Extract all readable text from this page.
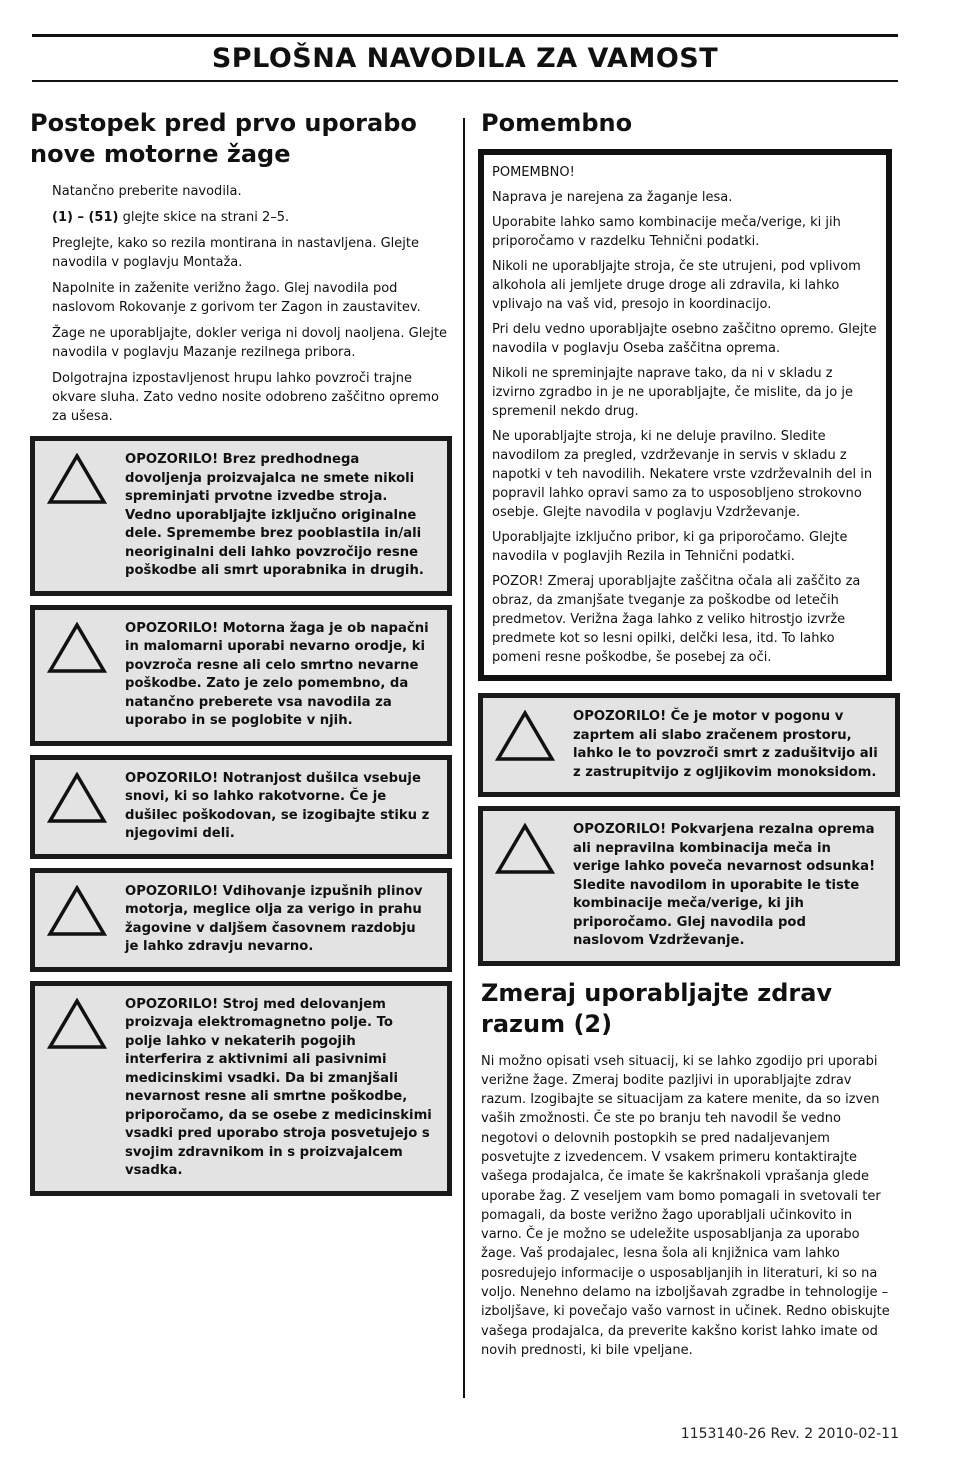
SPLOŠNA NAVODILA ZA VAMOST
Postopek pred prvo uporabo nove motorne žage

Natančno preberite navodila.

(1) – (51) glejte skice na strani 2–5.

Preglejte, kako so rezila montirana in nastavljena. Glejte navodila v poglavju Montaža.

Napolnite in zaženite verižno žago. Glej navodila pod naslovom Rokovanje z gorivom ter Zagon in zaustavitev.

Žage ne uporabljajte, dokler veriga ni dovolj naoljena. Glejte navodila v poglavju Mazanje rezilnega pribora.

Dolgotrajna izpostavljenost hrupu lahko povzroči trajne okvare sluha. Zato vedno nosite odobreno zaščitno opremo za ušesa.

OPOZORILO! Brez predhodnega dovoljenja proizvajalca ne smete nikoli spreminjati prvotne izvedbe stroja. Vedno uporabljajte izključno originalne dele. Spremembe brez pooblastila in/ali neoriginalni deli lahko povzročijo resne poškodbe ali smrt uporabnika in drugih.

OPOZORILO! Motorna žaga je ob napačni in malomarni uporabi nevarno orodje, ki povzroča resne ali celo smrtno nevarne poškodbe. Zato je zelo pomembno, da natančno preberete vsa navodila za uporabo in se poglobite v njih.

OPOZORILO! Notranjost dušilca vsebuje snovi, ki so lahko rakotvorne. Če je dušilec poškodovan, se izogibajte stiku z njegovimi deli.

OPOZORILO! Vdihovanje izpušnih plinov motorja, meglice olja za verigo in prahu žagovine v daljšem časovnem razdobju je lahko zdravju nevarno.

OPOZORILO! Stroj med delovanjem proizvaja elektromagnetno polje. To polje lahko v nekaterih pogojih interferira z aktivnimi ali pasivnimi medicinskimi vsadki. Da bi zmanjšali nevarnost resne ali smrtne poškodbe, priporočamo, da se osebe z medicinskimi vsadki pred uporabo stroja posvetujejo s svojim zdravnikom in s proizvajalcem vsadka.

Pomembno

POMEMBNO!

Naprava je narejena za žaganje lesa.

Uporabite lahko samo kombinacije meča/verige, ki jih priporočamo v razdelku Tehnični podatki.

Nikoli ne uporabljajte stroja, če ste utrujeni, pod vplivom alkohola ali jemljete druge droge ali zdravila, ki lahko vplivajo na vaš vid, presojo in koordinacijo.

Pri delu vedno uporabljajte osebno zaščitno opremo. Glejte navodila v poglavju Oseba zaščitna oprema.

Nikoli ne spreminjajte naprave tako, da ni v skladu z izvirno zgradbo in je ne uporabljajte, če mislite, da jo je spremenil nekdo drug.

Ne uporabljajte stroja, ki ne deluje pravilno. Sledite navodilom za pregled, vzdrževanje in servis v skladu z napotki v teh navodilih. Nekatere vrste vzdrževalnih del in popravil lahko opravi samo za to usposobljeno strokovno osebje. Glejte navodila v poglavju Vzdrževanje.

Uporabljajte izključno pribor, ki ga priporočamo. Glejte navodila v poglavjih Rezila in Tehnični podatki.

POZOR! Zmeraj uporabljajte zaščitna očala ali zaščito za obraz, da zmanjšate tveganje za poškodbe od letečih predmetov. Verižna žaga lahko z veliko hitrostjo izvrže predmete kot so lesni opilki, delčki lesa, itd. To lahko pomeni resne poškodbe, še posebej za oči.

OPOZORILO! Če je motor v pogonu v zaprtem ali slabo zračenem prostoru, lahko le to povzroči smrt z zadušitvijo ali z zastrupitvijo z ogljikovim monoksidom.

OPOZORILO! Pokvarjena rezalna oprema ali nepravilna kombinacija meča in verige lahko poveča nevarnost odsunka! Sledite navodilom in uporabite le tiste kombinacije meča/verige, ki jih priporočamo. Glej navodila pod naslovom Vzdrževanje.

Zmeraj uporabljajte zdrav razum (2)

Ni možno opisati vseh situacij, ki se lahko zgodijo pri uporabi verižne žage. Zmeraj bodite pazljivi in uporabljajte zdrav razum. Izogibajte se situacijam za katere menite, da so izven vaših zmožnosti. Če ste po branju teh navodil še vedno negotovi o delovnih postopkih se pred nadaljevanjem posvetujte z izvedencem. V vsakem primeru kontaktirajte vašega prodajalca, če imate še kakršnakoli vprašanja glede uporabe žag. Z veseljem vam bomo pomagali in svetovali ter pomagali, da boste verižno žago uporabljali učinkovito in varno. Če je možno se udeležite usposabljanja za uporabo žage. Vaš prodajalec, lesna šola ali knjižnica vam lahko posredujejo informacije o usposabljanjih in literaturi, ki so na voljo. Nenehno delamo na izboljšavah zgradbe in tehnologije – izboljšave, ki povečajo vašo varnost in učinek. Redno obiskujte vašega prodajalca, da preverite kakšno korist lahko imate od novih prednosti, ki bile vpeljane.

1153140-26 Rev. 2 2010-02-11
